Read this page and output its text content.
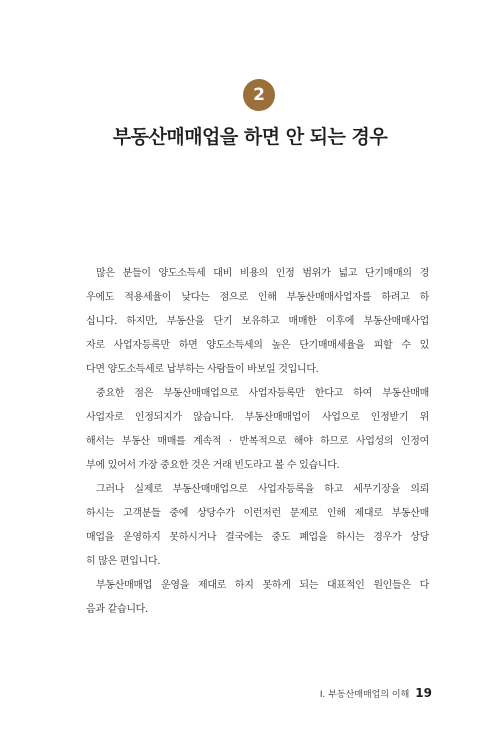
2
부동산매매업을 하면 안 되는 경우
많은 분들이 양도소득세 대비 비용의 인정 범위가 넓고 단기매매의 경
우에도 적용세율이 낮다는 점으로 인해 부동산매매사업자를 하려고 하
십니다. 하지만, 부동산을 단기 보유하고 매매한 이후에 부동산매매사업
자로 사업자등록만 하면 양도소득세의 높은 단기매매세율을 피할 수 있
다면 양도소득세로 납부하는 사람들이 바보일 것입니다.
중요한 점은 부동산매매업으로 사업자등록만 한다고 하여 부동산매매
사업자로 인정되지가 않습니다. 부동산매매업이 사업으로 인정받기 위
해서는 부동산 매매를 계속적 · 반복적으로 해야 하므로 사업성의 인정여
부에 있어서 가장 중요한 것은 거래 빈도라고 볼 수 있습니다.
그러나 실제로 부동산매매업으로 사업자등록을 하고 세무기장을 의뢰
하시는 고객분들 중에 상당수가 이런저런 문제로 인해 제대로 부동산매
매업을 운영하지 못하시거나 결국에는 중도 폐업을 하시는 경우가 상당
히 많은 편입니다.
부동산매매업 운영을 제대로 하지 못하게 되는 대표적인 원인들은 다
음과 같습니다.
Ⅰ. 부동산매매업의 이해 19
